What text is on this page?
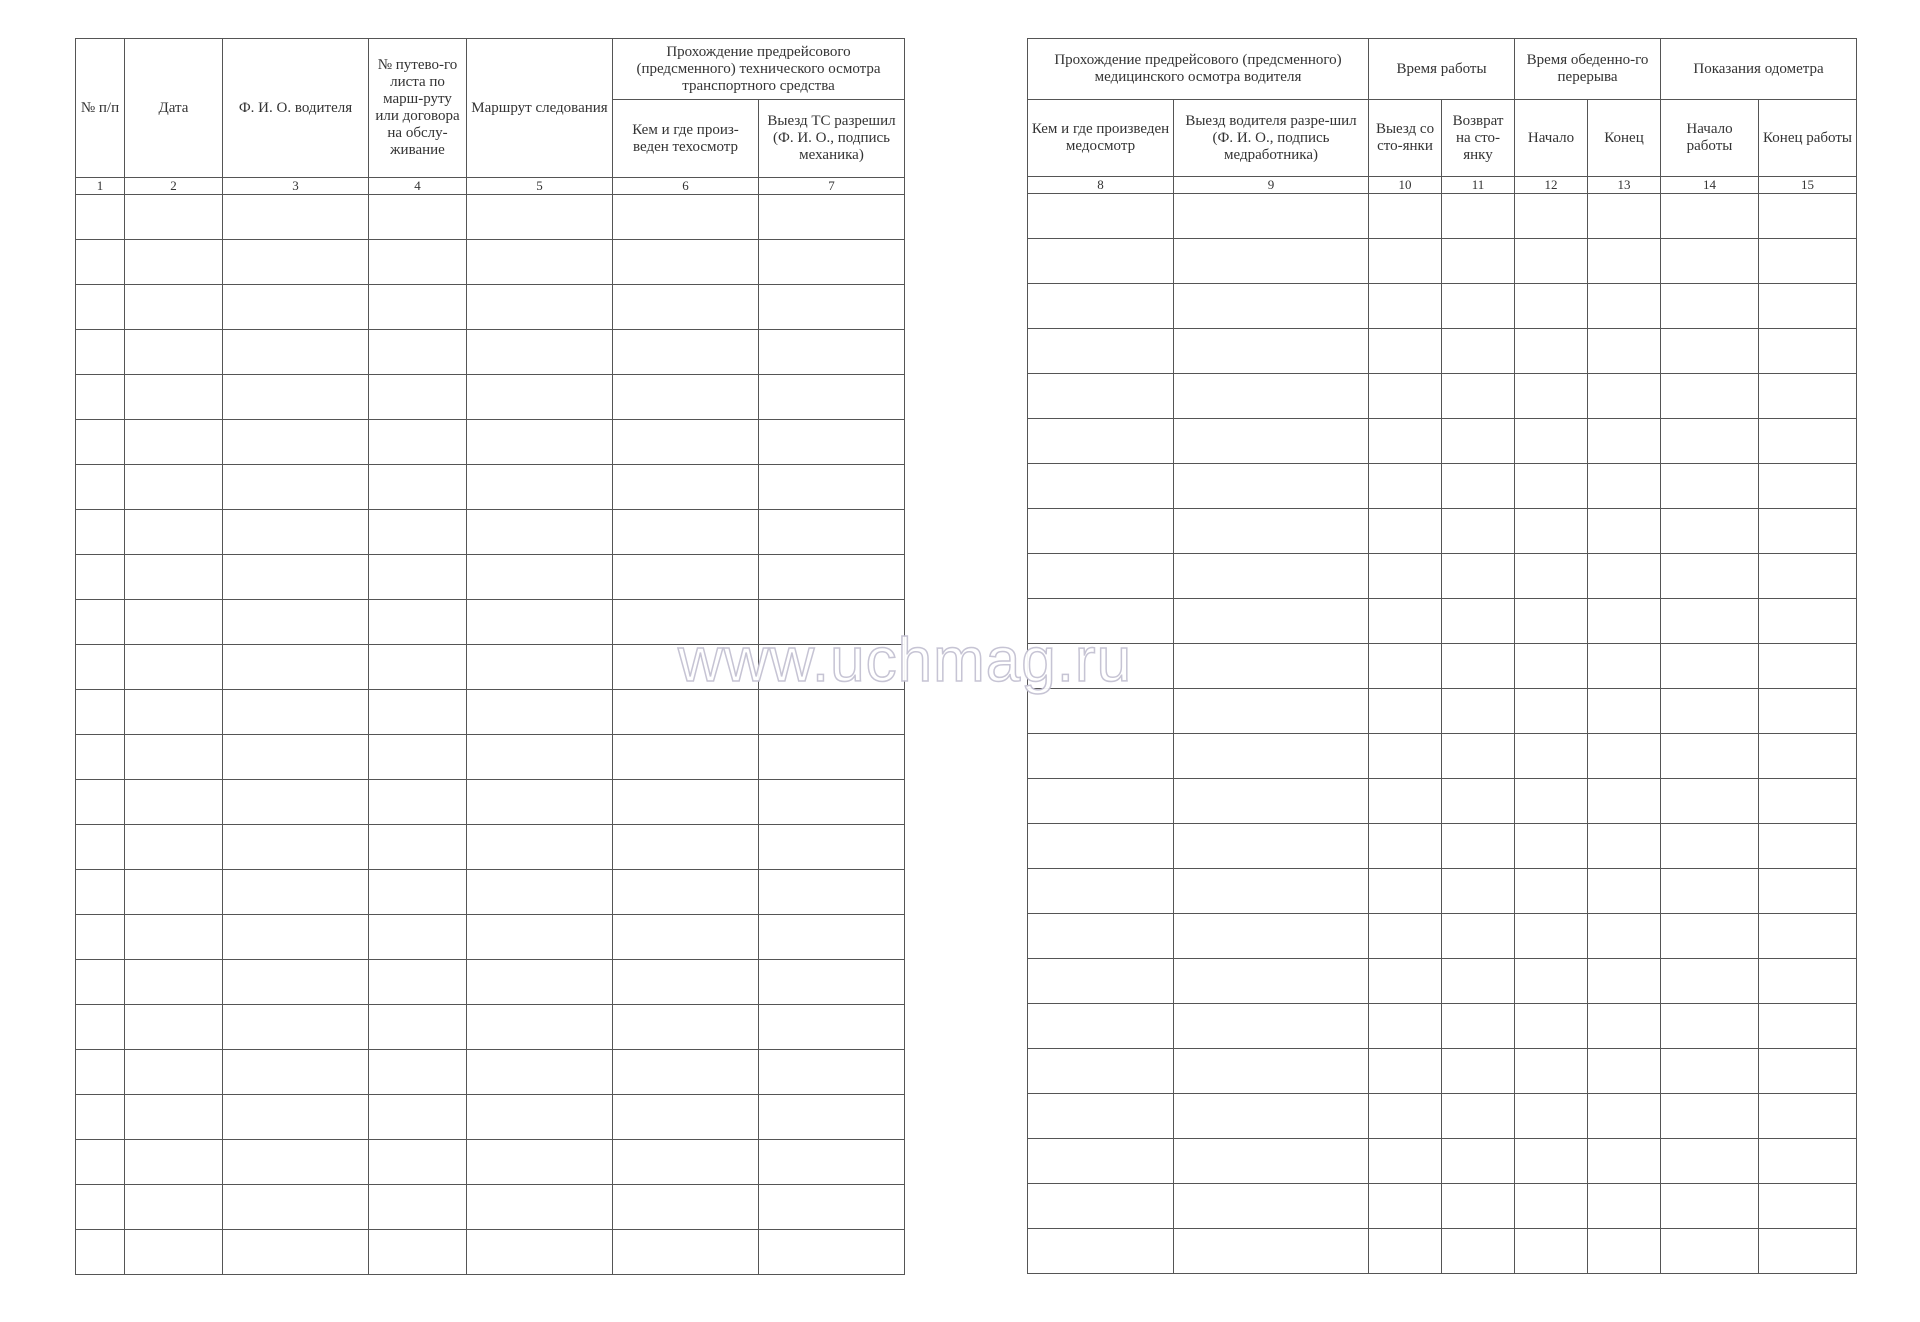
№ п/п	Дата	Ф. И. О. водителя	№ путево-го листа по марш-руту или договора на обслу-живание	Маршрут следования	Прохождение предрейсового (предсменного) технического осмотра транспортного средства	
					Кем и где произ-веден техосмотр	Выезд ТС разрешил (Ф. И. О., подпись механика)
1	2	3	4	5	6	7

Прохождение предрейсового (предсменного) медицинского осмотра водителя		Время работы		Время обеденно-го перерыва		Показания одометра	
Кем и где произведен медосмотр	Выезд водителя разре-шил (Ф. И. О., подпись медработника)	Выезд со сто-янки	Возврат на сто-янку	Начало	Конец	Начало работы	Конец работы
8	9	10	11	12	13	14	15

www.uchmag.ru
